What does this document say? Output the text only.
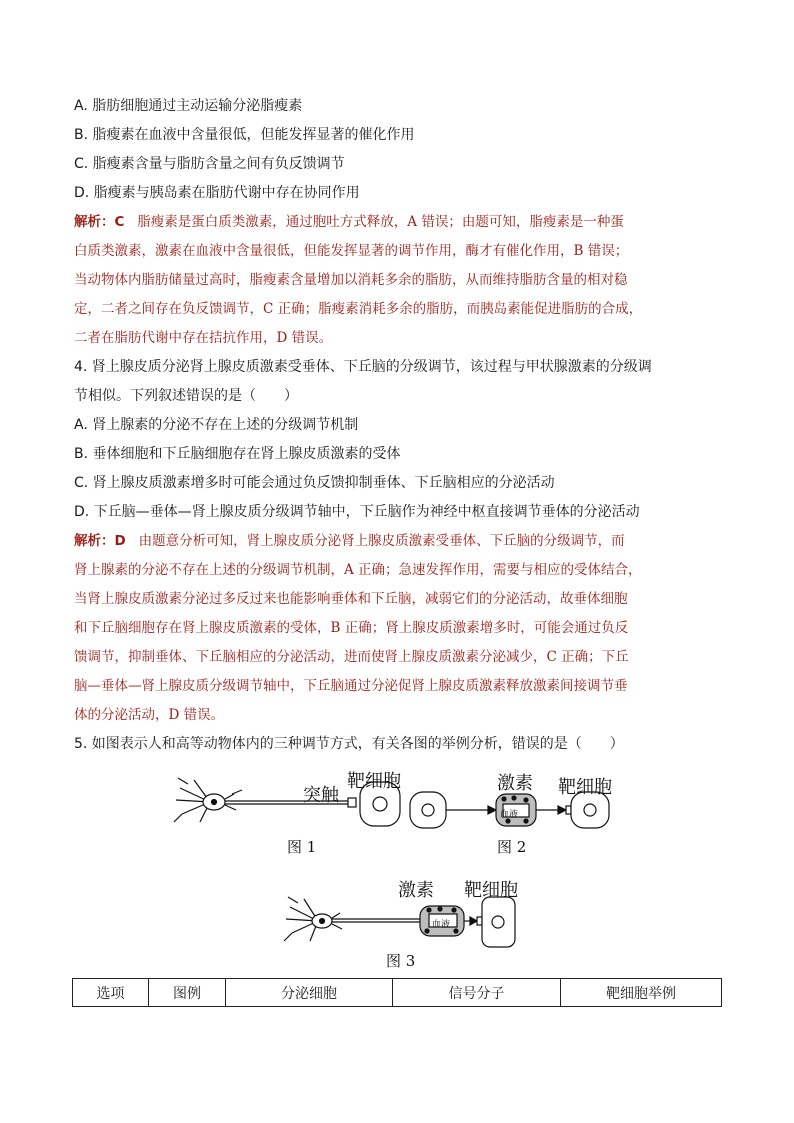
A. 脂肪细胞通过主动运输分泌脂瘦素
B. 脂瘦素在血液中含量很低，但能发挥显著的催化作用
C. 脂瘦素含量与脂肪含量之间有负反馈调节
D. 脂瘦素与胰岛素在脂肪代谢中存在协同作用
解析：C 脂瘦素是蛋白质类激素，通过胞吐方式释放，A 错误；由题可知，脂瘦素是一种蛋
白质类激素，激素在血液中含量很低，但能发挥显著的调节作用，酶才有催化作用，B 错误；
当动物体内脂肪储量过高时，脂瘦素含量增加以消耗多余的脂肪，从而维持脂肪含量的相对稳
定，二者之间存在负反馈调节，C 正确；脂瘦素消耗多余的脂肪，而胰岛素能促进脂肪的合成，
二者在脂肪代谢中存在拮抗作用，D 错误。
4. 肾上腺皮质分泌肾上腺皮质激素受垂体、下丘脑的分级调节，该过程与甲状腺激素的分级调
节相似。下列叙述错误的是（　　）
A. 肾上腺素的分泌不存在上述的分级调节机制
B. 垂体细胞和下丘脑细胞存在肾上腺皮质激素的受体
C. 肾上腺皮质激素增多时可能会通过负反馈抑制垂体、下丘脑相应的分泌活动
D. 下丘脑—垂体—肾上腺皮质分级调节轴中，下丘脑作为神经中枢直接调节垂体的分泌活动
解析：D 由题意分析可知，肾上腺皮质分泌肾上腺皮质激素受垂体、下丘脑的分级调节，而
肾上腺素的分泌不存在上述的分级调节机制，A 正确；急速发挥作用，需要与相应的受体结合，
当肾上腺皮质激素分泌过多反过来也能影响垂体和下丘脑，减弱它们的分泌活动，故垂体细胞
和下丘脑细胞存在肾上腺皮质激素的受体，B 正确；肾上腺皮质激素增多时，可能会通过负反
馈调节，抑制垂体、下丘脑相应的分泌活动，进而使肾上腺皮质激素分泌减少，C 正确；下丘
脑—垂体—肾上腺皮质分级调节轴中，下丘脑通过分泌促肾上腺皮质激素释放激素间接调节垂
体的分泌活动，D 错误。
5. 如图表示人和高等动物体内的三种调节方式，有关各图的举例分析，错误的是（　　）
突触
靶细胞
图 1
血液
激素 靶细胞
图 2
血液
激素 靶细胞
图 3
选项	图例	分泌细胞	信号分子	靶细胞举例
